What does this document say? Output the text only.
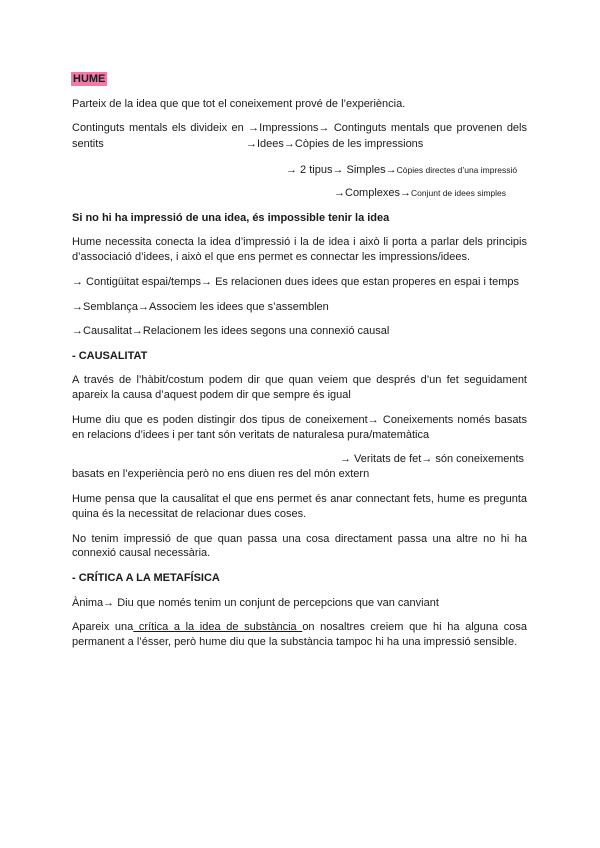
HUME
Parteix de la idea que que tot el coneixement prové de l’experiència.
Continguts mentals els divideix en →Impressions→ Continguts mentals que provenen dels
sentits	→Idees→Còpies de les impressions
→ 2 tipus→ Simples→Còpies directes d’una impressió
→Complexes→Conjunt de idees simples
Si no hi ha impressió de una idea, és impossible tenir la idea
Hume necessita conecta la idea d’impressió i la de idea i això li porta a parlar dels principis
d’associació d’idees, i això el que ens permet es connectar les impressions/idees.
→ Contigüitat espai/temps→ Es relacionen dues idees que estan properes en espai i temps
→Semblança→Associem les idees que s’assemblen
→Causalitat→Relacionem les idees segons una connexió causal
- CAUSALITAT
A través de l’hàbit/costum podem dir que quan veiem que després d’un fet seguidament
apareix la causa d’aquest podem dir que sempre és igual
Hume diu que es poden distingir dos tipus de coneixement→ Coneixements només basats
en relacions d’idees i per tant són veritats de naturalesa pura/matemàtica
→ Veritats de fet→ són coneixements
basats en l’experiència però no ens diuen res del món extern
Hume pensa que la causalitat el que ens permet és anar connectant fets, hume es pregunta
quina és la necessitat de relacionar dues coses.
No tenim impressió de que quan passa una cosa directament passa una altre no hi ha
connexió causal necessària.
- CRÍTICA A LA METAFÍSICA
Ànima→ Diu que només tenim un conjunt de percepcions que van canviant
Apareix una crítica a la idea de substància on nosaltres creiem que hi ha alguna cosa
permanent a l’ésser, però hume diu que la substància tampoc hi ha una impressió sensible.
